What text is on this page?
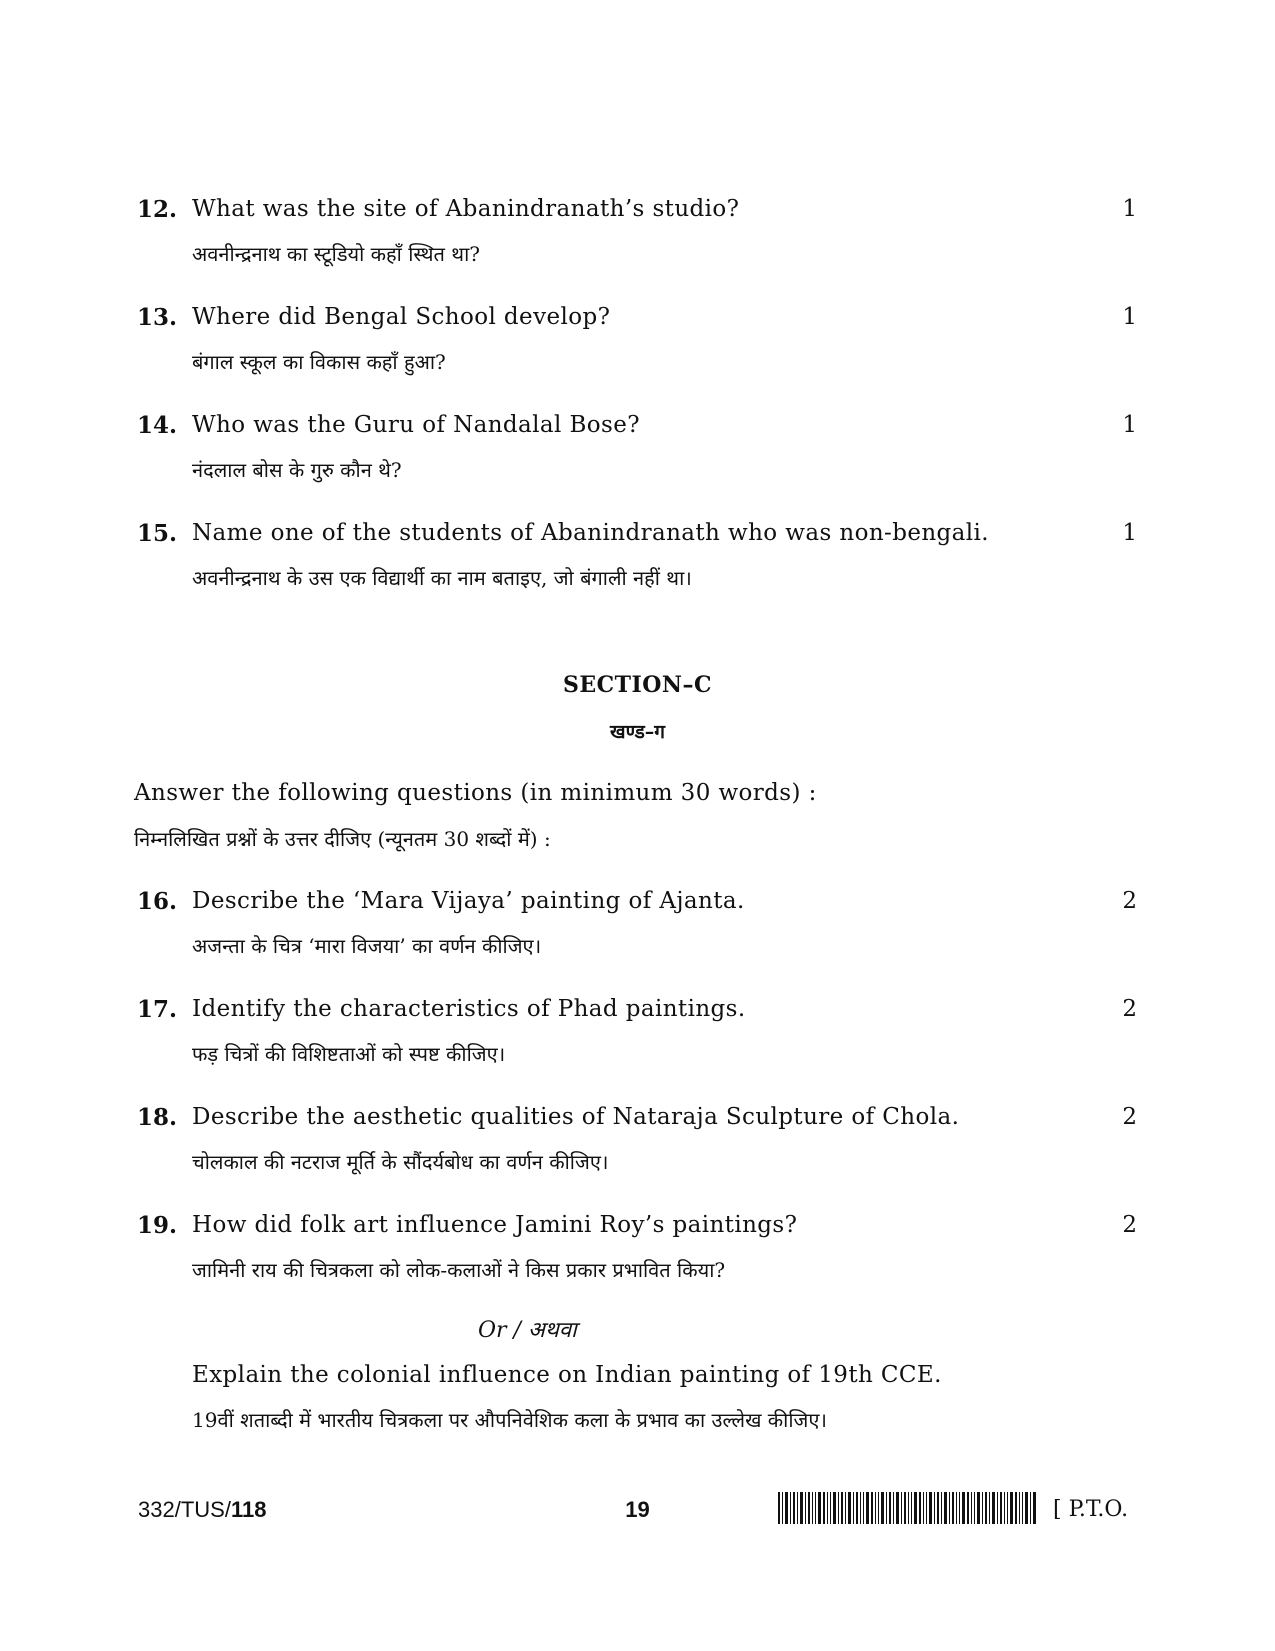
12. What was the site of Abanindranath’s studio?	1
अवनीन्द्रनाथ का स्टूडियो कहाँ स्थित था?
13. Where did Bengal School develop?	1
बंगाल स्कूल का विकास कहाँ हुआ?
14. Who was the Guru of Nandalal Bose?	1
नंदलाल बोस के गुरु कौन थे?
15. Name one of the students of Abanindranath who was non-bengali.	1
अवनीन्द्रनाथ के उस एक विद्यार्थी का नाम बताइए, जो बंगाली नहीं था।
SECTION–C
खण्ड–ग
Answer the following questions (in minimum 30 words) :
निम्नलिखित प्रश्नों के उत्तर दीजिए (न्यूनतम 30 शब्दों में) :
16. Describe the ‘Mara Vijaya’ painting of Ajanta.	2
अजन्ता के चित्र ‘मारा विजया’ का वर्णन कीजिए।
17. Identify the characteristics of Phad paintings.	2
फड़ चित्रों की विशिष्टताओं को स्पष्ट कीजिए।
18. Describe the aesthetic qualities of Nataraja Sculpture of Chola.	2
चोलकाल की नटराज मूर्ति के सौंदर्यबोध का वर्णन कीजिए।
19. How did folk art influence Jamini Roy’s paintings?	2
जामिनी राय की चित्रकला को लोक-कलाओं ने किस प्रकार प्रभावित किया?
Or / अथवा
Explain the colonial influence on Indian painting of 19th CCE.
19वीं शताब्दी में भारतीय चित्रकला पर औपनिवेशिक कला के प्रभाव का उल्लेख कीजिए।
332/TUS/118	19	[ P.T.O.
